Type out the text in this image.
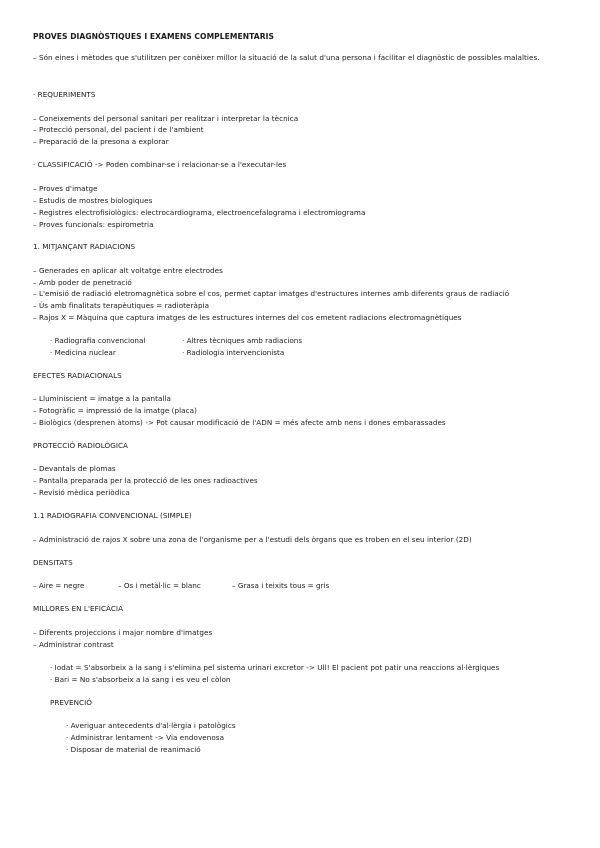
PROVES DIAGNÒSTIQUES I EXAMENS COMPLEMENTARIS
– Són eines i mètodes que s'utilitzen per conèixer millor la situació de la salut d'una persona i facilitar el diagnòstic de possibles malalties.
· REQUERIMENTS
– Coneixements del personal sanitari per realitzar i interpretar la tècnica
– Protecció personal, del pacient i de l'ambient
– Preparació de la presona a explorar
· CLASSIFICACIÓ -> Poden combinar-se i relacionar-se a l'executar-les
– Proves d'imatge
– Estudis de mostres biologiques
– Registres electrofisiològics: electrocardiograma, electroencefalograma i electromiograma
– Proves funcionals: espirometria
1. MITJANÇANT RADIACIONS
– Generades en aplicar alt voltatge entre electrodes
– Amb poder de penetració
– L'emisió de radiació eletromagnètica sobre el cos, permet captar imatges d'estructures internes amb diferents graus de radiació
– Ús amb finalitats terapèutiques = radioteràpia
– Rajos X = Màquina que captura imatges de les estructures internes del cos emetent radiacions electromagnètiques
· Radiografia convencional	· Altres tècniques amb radiacions
· Medicina nuclear	· Radiologia intervencionista
EFECTES RADIACIONALS
– Lluminiscient = imatge a la pantalla
– Fotogràfic = impressió de la imatge (placa)
– Biològics (desprenen àtoms) -> Pot causar modificació de l'ADN = més afecte amb nens i dones embarassades
PROTECCIÓ RADIOLÒGICA
– Devantals de plomas
– Pantalla preparada per la protecció de les ones radioactives
– Revisió mèdica periòdica
1.1 RADIOGRAFIA CONVENCIONAL (SIMPLE)
– Administració de rajos X sobre una zona de l'organisme per a l'estudi dels òrgans que es troben en el seu interior (2D)
DENSITATS
– Aire = negre	– Os i metàl·lic = blanc	– Grasa i teixits tous = gris
MILLORES EN L'EFICÀCIA
– Diferents projeccions i major nombre d'imatges
– Administrar contrast
· Iodat = S'absorbeix a la sang i s'elimina pel sistema urinari excretor -> Ull! El pacient pot patir una reaccions al·lèrgiques
· Bari = No s'absorbeix a la sang i es veu el còlon
PREVENCIÓ
· Averiguar antecedents d'al·lèrgia i patològics
· Administrar lentament -> Via endovenosa
· Disposar de material de reanimació
